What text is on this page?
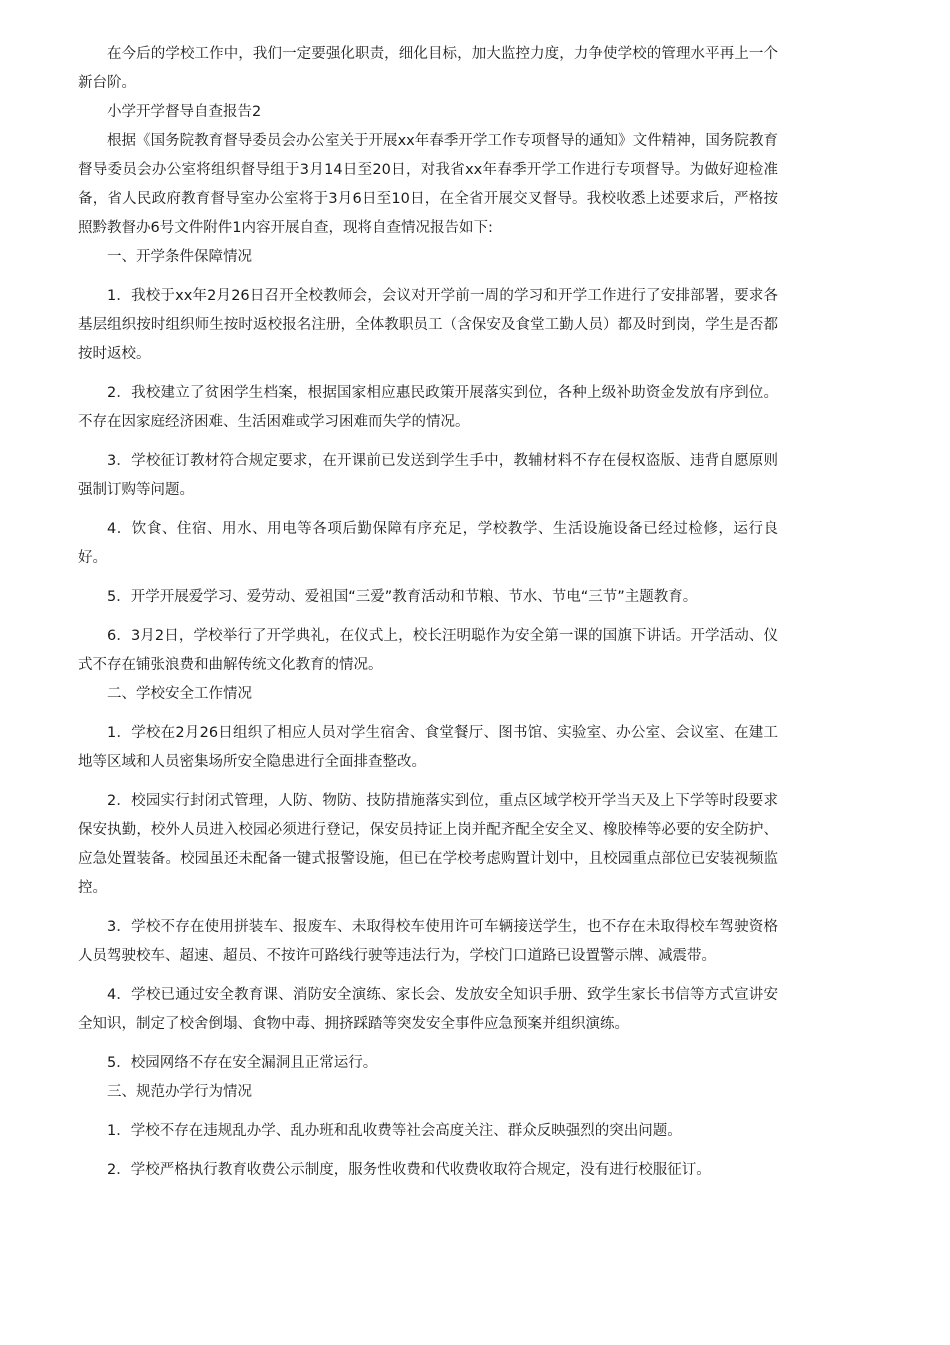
在今后的学校工作中，我们一定要强化职责，细化目标，加大监控力度，力争使学校的管理水平再上一个新台阶。

小学开学督导自查报告2

根据《国务院教育督导委员会办公室关于开展xx年春季开学工作专项督导的通知》文件精神，国务院教育督导委员会办公室将组织督导组于3月14日至20日，对我省xx年春季开学工作进行专项督导。为做好迎检准备，省人民政府教育督导室办公室将于3月6日至10日，在全省开展交叉督导。我校收悉上述要求后，严格按照黔教督办6号文件附件1内容开展自查，现将自查情况报告如下:

一、开学条件保障情况

1．我校于xx年2月26日召开全校教师会，会议对开学前一周的学习和开学工作进行了安排部署，要求各基层组织按时组织师生按时返校报名注册，全体教职员工（含保安及食堂工勤人员）都及时到岗，学生是否都按时返校。

2．我校建立了贫困学生档案，根据国家相应惠民政策开展落实到位，各种上级补助资金发放有序到位。不存在因家庭经济困难、生活困难或学习困难而失学的情况。

3．学校征订教材符合规定要求，在开课前已发送到学生手中，教辅材料不存在侵权盗版、违背自愿原则强制订购等问题。

4．饮食、住宿、用水、用电等各项后勤保障有序充足，学校教学、生活设施设备已经过检修，运行良好。

5．开学开展爱学习、爱劳动、爱祖国“三爱”教育活动和节粮、节水、节电“三节”主题教育。

6．3月2日，学校举行了开学典礼，在仪式上，校长汪明聪作为安全第一课的国旗下讲话。开学活动、仪式不存在铺张浪费和曲解传统文化教育的情况。

二、学校安全工作情况

1．学校在2月26日组织了相应人员对学生宿舍、食堂餐厅、图书馆、实验室、办公室、会议室、在建工地等区域和人员密集场所安全隐患进行全面排查整改。

2．校园实行封闭式管理，人防、物防、技防措施落实到位，重点区域学校开学当天及上下学等时段要求保安执勤，校外人员进入校园必须进行登记，保安员持证上岗并配齐配全安全叉、橡胶棒等必要的安全防护、应急处置装备。校园虽还未配备一键式报警设施，但已在学校考虑购置计划中，且校园重点部位已安装视频监控。

3．学校不存在使用拼装车、报废车、未取得校车使用许可车辆接送学生，也不存在未取得校车驾驶资格人员驾驶校车、超速、超员、不按许可路线行驶等违法行为，学校门口道路已设置警示牌、减震带。

4．学校已通过安全教育课、消防安全演练、家长会、发放安全知识手册、致学生家长书信等方式宣讲安全知识，制定了校舍倒塌、食物中毒、拥挤踩踏等突发安全事件应急预案并组织演练。

5．校园网络不存在安全漏洞且正常运行。

三、规范办学行为情况

1．学校不存在违规乱办学、乱办班和乱收费等社会高度关注、群众反映强烈的突出问题。

2．学校严格执行教育收费公示制度，服务性收费和代收费收取符合规定，没有进行校服征订。
